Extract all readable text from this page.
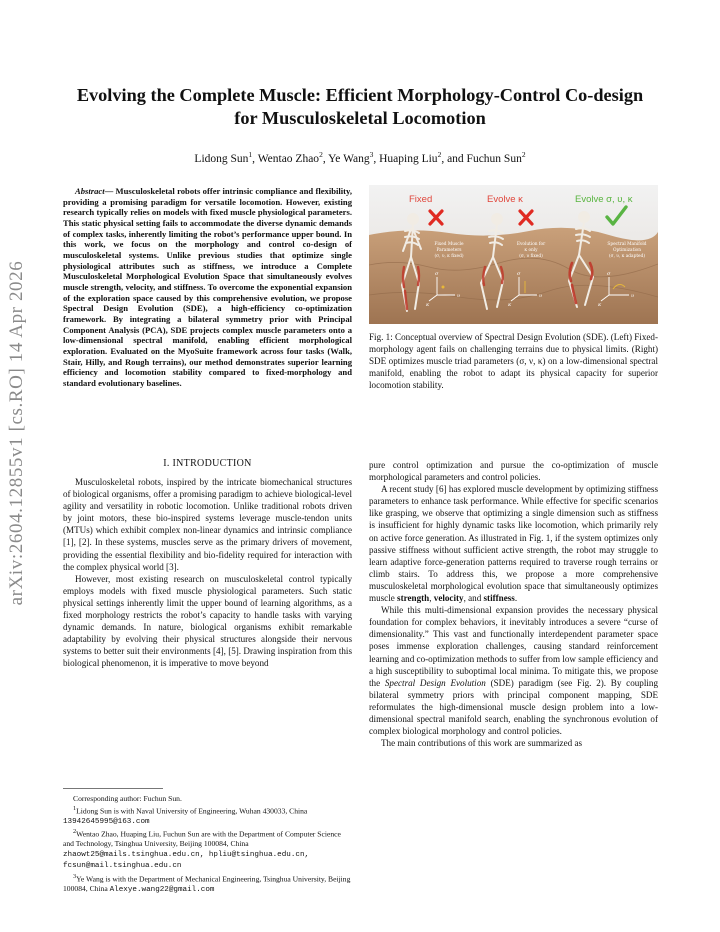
arXiv:2604.12855v1 [cs.RO] 14 Apr 2026
Evolving the Complete Muscle: Efficient Morphology-Control Co-design
for Musculoskeletal Locomotion
Lidong Sun$^1$, Wentao Zhao$^2$, Ye Wang$^3$, Huaping Liu$^2$, and Fuchun Sun$^2$
Abstract— Musculoskeletal robots offer intrinsic compliance and flexibility, providing a promising paradigm for versatile locomotion. However, existing research typically relies on models with fixed muscle physiological parameters. This static physical setting fails to accommodate the diverse dynamic demands of complex tasks, inherently limiting the robot’s performance upper bound. In this work, we focus on the morphology and control co-design of musculoskeletal systems. Unlike previous studies that optimize single physiological attributes such as stiffness, we introduce a Complete Musculoskeletal Morphological Evolution Space that simultaneously evolves muscle strength, velocity, and stiffness. To overcome the exponential expansion of the exploration space caused by this comprehensive evolution, we propose Spectral Design Evolution (SDE), a high-efficiency co-optimization framework. By integrating a bilateral symmetry prior with Principal Component Analysis (PCA), SDE projects complex muscle parameters onto a low-dimensional spectral manifold, enabling efficient morphological exploration. Evaluated on the MyoSuite framework across four tasks (Walk, Stair, Hilly, and Rough terrains), our method demonstrates superior learning efficiency and locomotion stability compared to fixed-morphology and standard evolutionary baselines.
I. INTRODUCTION

Musculoskeletal robots, inspired by the intricate biomechanical structures of biological organisms, offer a promising paradigm to achieve biological-level agility and versatility in robotic locomotion. Unlike traditional robots driven by joint motors, these bio-inspired systems leverage muscle-tendon units (MTUs) which exhibit complex non-linear dynamics and intrinsic compliance [1], [2]. In these systems, muscles serve as the primary drivers of movement, providing the essential flexibility and bio-fidelity required for interaction with the complex physical world [3].

However, most existing research on musculoskeletal control typically employs models with fixed muscle physiological parameters. Such static physical settings inherently limit the upper bound of learning algorithms, as a fixed morphology restricts the robot’s capacity to handle tasks with varying dynamic demands. In nature, biological organisms exhibit remarkable adaptability by evolving their physical structures alongside their nervous systems to better suit their environments [4], [5]. Drawing inspiration from this biological phenomenon, it is imperative to move beyond

Corresponding author: Fuchun Sun.

$^1$Lidong Sun is with Naval University of Engineering, Wuhan 430033, China 13942645995@163.com

$^2$Wentao Zhao, Huaping Liu, Fuchun Sun are with the Department of Computer Science and Technology, Tsinghua University, Beijing 100084, China zhaowt25@mails.tsinghua.edu.cn, hpliu@tsinghua.edu.cn, fcsun@mail.tsinghua.edu.cn

$^3$Ye Wang is with the Department of Mechanical Engineering, Tsinghua University, Beijing 100084, China Alexye.wang22@gmail.com

Fixed	Evolve κ	Evolve σ, υ, κ
Fixed Muscle
Parameters
(σ, υ, κ fixed)
Evolution for
κ only
(σ, υ fixed)
Spectral Manifold
Optimization
(σ, υ, κ adapted)
υ
κ
σ
υ
κ
σ
υ
κ
σ
Fig. 1: Conceptual overview of Spectral Design Evolution (SDE). (Left) Fixed-morphology agent fails on challenging terrains due to physical limits. (Right) SDE optimizes muscle triad parameters (σ, ν, κ) on a low-dimensional spectral manifold, enabling the robot to adapt its physical capacity for superior locomotion stability.

pure control optimization and pursue the co-optimization of muscle morphological parameters and control policies.

A recent study [6] has explored muscle development by optimizing stiffness parameters to enhance task performance. While effective for specific scenarios like grasping, we observe that optimizing a single dimension such as stiffness is insufficient for highly dynamic tasks like locomotion, which primarily rely on active force generation. As illustrated in Fig. 1, if the system optimizes only passive stiffness without sufficient active strength, the robot may struggle to learn adaptive force-generation patterns required to traverse rough terrains or climb stairs. To address this, we propose a more comprehensive musculoskeletal morphological evolution space that simultaneously optimizes muscle strength, velocity, and stiffness.

While this multi-dimensional expansion provides the necessary physical foundation for complex behaviors, it inevitably introduces a severe “curse of dimensionality.” This vast and functionally interdependent parameter space poses immense exploration challenges, causing standard reinforcement learning and co-optimization methods to suffer from low sample efficiency and a high susceptibility to suboptimal local minima. To mitigate this, we propose the Spectral Design Evolution (SDE) paradigm (see Fig. 2). By coupling bilateral symmetry priors with principal component mapping, SDE reformulates the high-dimensional muscle design problem into a low-dimensional spectral manifold search, enabling the synchronous evolution of complex biological morphology and control policies.

The main contributions of this work are summarized as
